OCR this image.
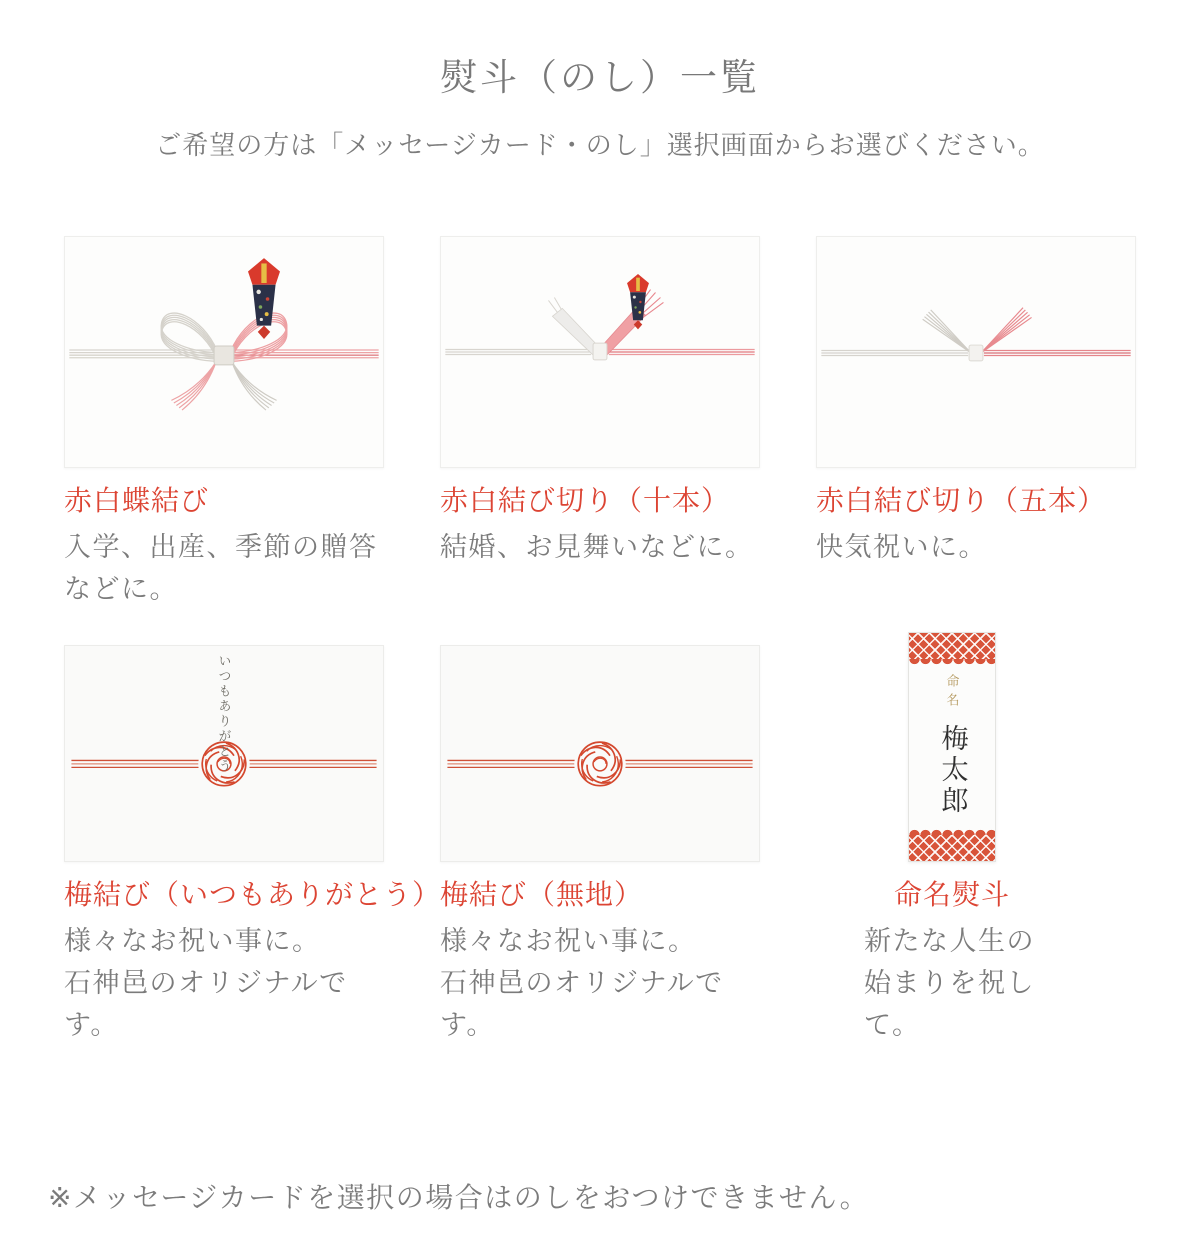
熨斗（のし）一覧

ご希望の方は「メッセージカード・のし」選択画面からお選びください。

赤白蝶結び

入学、出産、季節の贈答
などに。

赤白結び切り（十本）

結婚、お見舞いなどに。

赤白結び切り（五本）

快気祝いに。

いつもありがとう
梅結び（いつもありがとう）

様々なお祝い事に。
石神邑のオリジナルです。

梅結び（無地）

様々なお祝い事に。
石神邑のオリジナルです。

命名
梅太郎
命名熨斗

新たな人生の
始まりを祝して。

※メッセージカードを選択の場合はのしをおつけできません。
